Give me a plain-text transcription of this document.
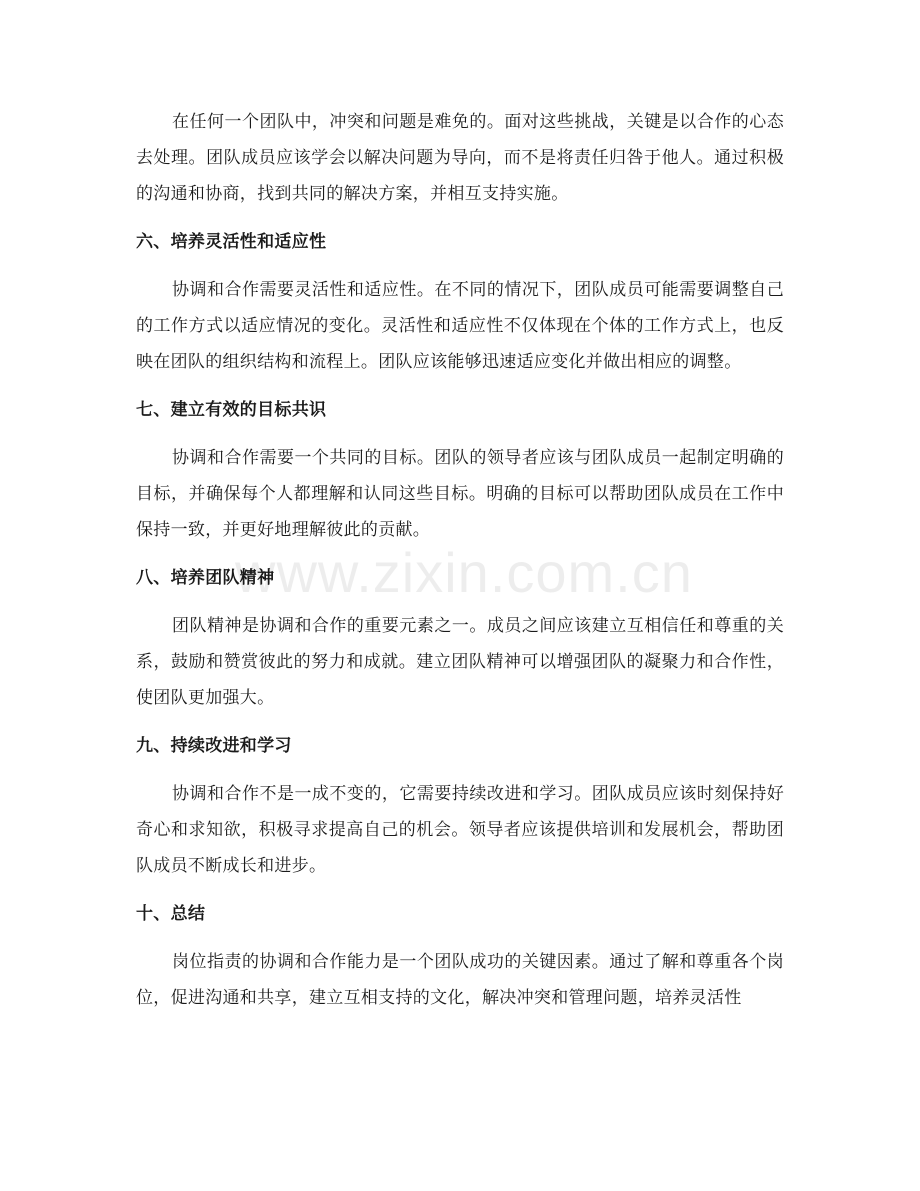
www.zixin.com.cn

在任何一个团队中，冲突和问题是难免的。面对这些挑战，关键是以合作的心态去处理。团队成员应该学会以解决问题为导向，而不是将责任归咎于他人。通过积极的沟通和协商，找到共同的解决方案，并相互支持实施。

六、培养灵活性和适应性

协调和合作需要灵活性和适应性。在不同的情况下，团队成员可能需要调整自己的工作方式以适应情况的变化。灵活性和适应性不仅体现在个体的工作方式上，也反映在团队的组织结构和流程上。团队应该能够迅速适应变化并做出相应的调整。

七、建立有效的目标共识

协调和合作需要一个共同的目标。团队的领导者应该与团队成员一起制定明确的目标，并确保每个人都理解和认同这些目标。明确的目标可以帮助团队成员在工作中保持一致，并更好地理解彼此的贡献。

八、培养团队精神

团队精神是协调和合作的重要元素之一。成员之间应该建立互相信任和尊重的关系，鼓励和赞赏彼此的努力和成就。建立团队精神可以增强团队的凝聚力和合作性，使团队更加强大。

九、持续改进和学习

协调和合作不是一成不变的，它需要持续改进和学习。团队成员应该时刻保持好奇心和求知欲，积极寻求提高自己的机会。领导者应该提供培训和发展机会，帮助团队成员不断成长和进步。

十、总结

岗位指责的协调和合作能力是一个团队成功的关键因素。通过了解和尊重各个岗位，促进沟通和共享，建立互相支持的文化，解决冲突和管理问题，培养灵活性
